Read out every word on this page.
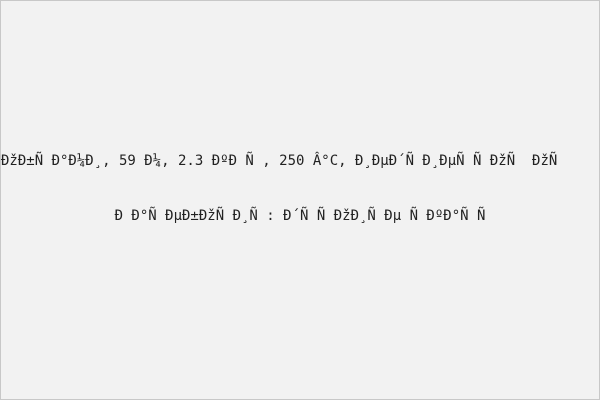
ÐžÐ±Ñ Ð°Ð¼Ð¸, 59 Ð¼, 2.3 ÐºÐ Ñ , 250 Â°C, Ð¸ÐµÐ´Ñ Ð¸ÐµÑ Ñ ÐžÑ  ÐžÑ
Ð Ð°Ñ ÐµÐ±ÐžÑ Ð¸Ñ : Ð´Ñ Ñ ÐžÐ¸Ñ Ðµ Ñ ÐºÐ°Ñ Ñ
